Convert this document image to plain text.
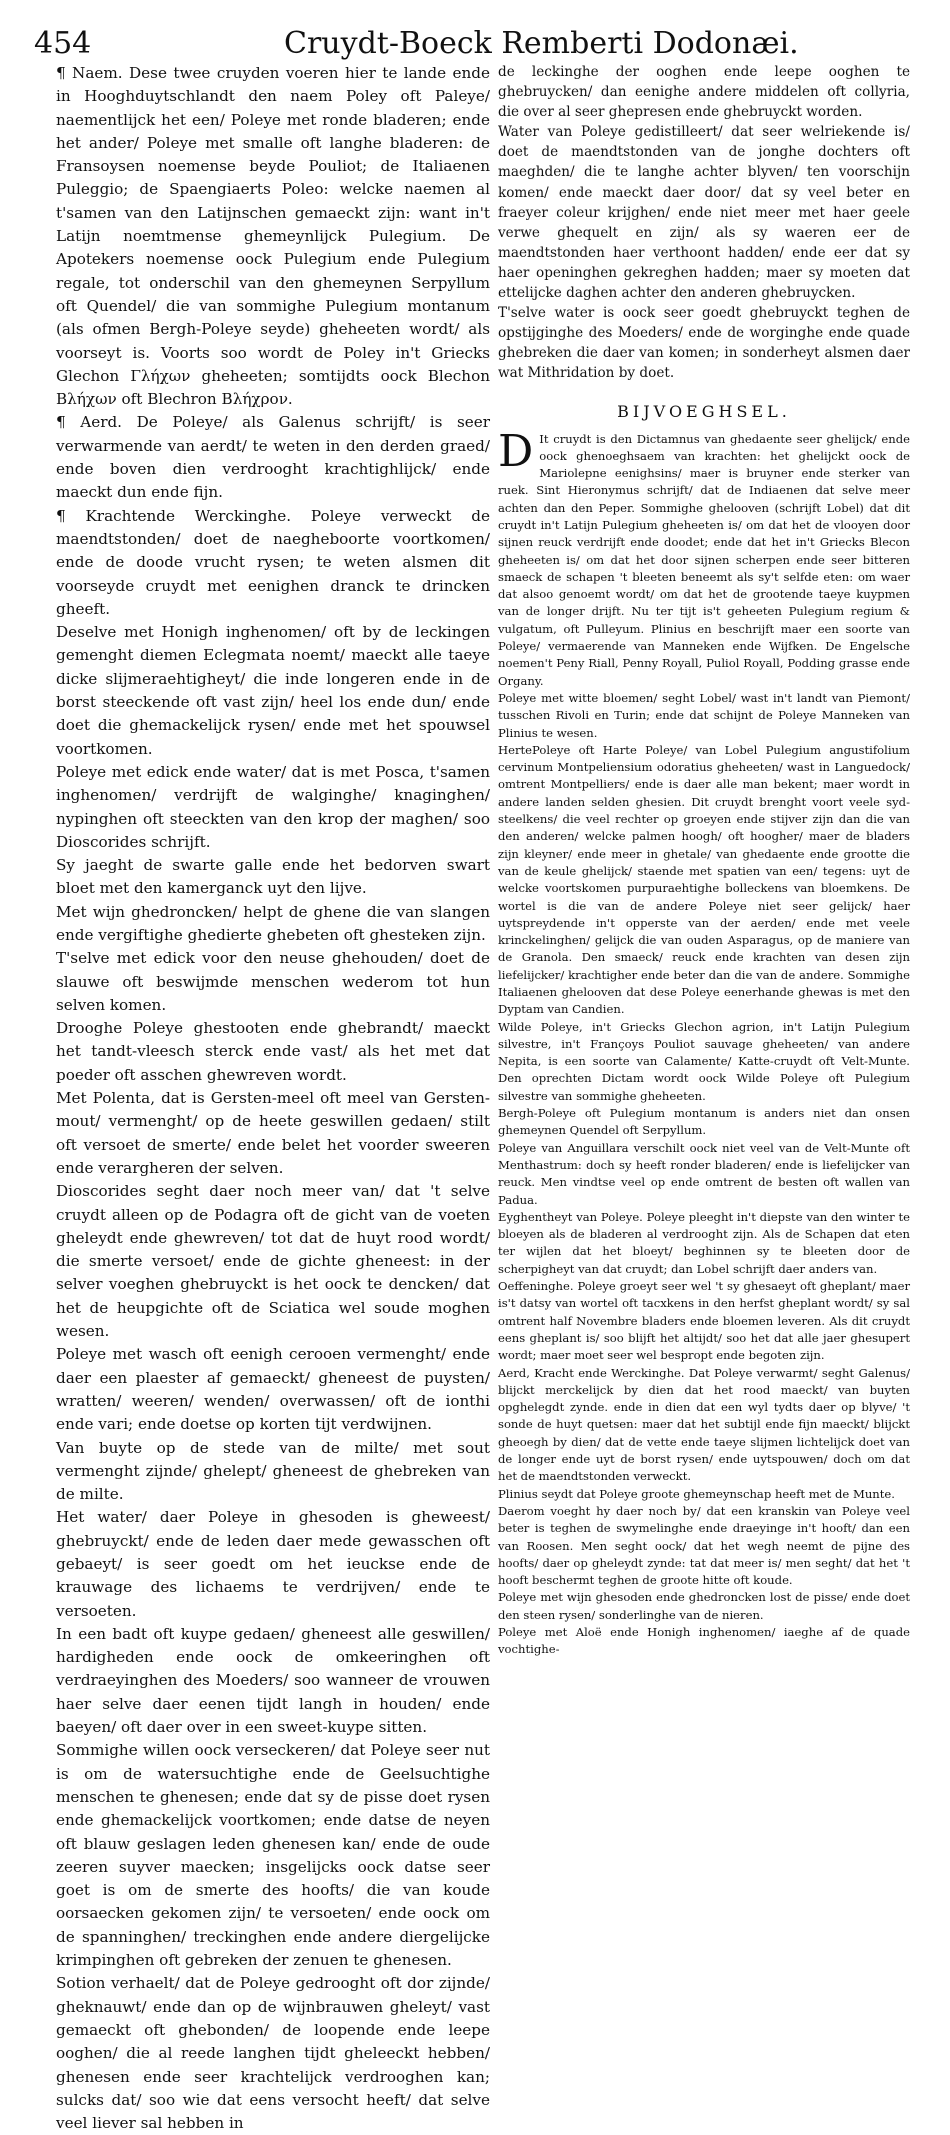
454	Cruydt-Boeck Remberti Dodonæi.

¶ Naem. Dese twee cruyden voeren hier te lande ende in Hooghduytschlandt den naem Poley oft Paleye/ naementlijck het een/ Poleye met ronde bladeren; ende het ander/ Poleye met smalle oft langhe bladeren: de Fransoysen noemense beyde Pouliot; de Italiaenen Puleggio; de Spaengiaerts Poleo: welcke naemen al t'samen van den Latijnschen gemaeckt zijn: want in't Latijn noemtmense ghemeynlijck Pulegium. De Apotekers noemense oock Pulegium ende Pulegium regale, tot onderschil van den ghemeynen Serpyllum oft Quendel/ die van sommighe Pulegium montanum (als ofmen Bergh-Poleye seyde) gheheeten wordt/ als voorseyt is. Voorts soo wordt de Poley in't Griecks Glechon Γλήχων gheheeten; somtijdts oock Blechon Βλήχων oft Blechron Βλήχρον.

¶ Aerd. De Poleye/ als Galenus schrijft/ is seer verwarmende van aerdt/ te weten in den derden graed/ ende boven dien verdrooght krachtighlijck/ ende maeckt dun ende fijn.

¶ Krachtende Werckinghe. Poleye verweckt de maendtstonden/ doet de naegheboorte voortkomen/ ende de doode vrucht rysen; te weten alsmen dit voorseyde cruydt met eenighen dranck te drincken gheeft.

Deselve met Honigh inghenomen/ oft by de leckingen gemenght diemen Eclegmata noemt/ maeckt alle taeye dicke slijmeraehtigheyt/ die inde longeren ende in de borst steeckende oft vast zijn/ heel los ende dun/ ende doet die ghemackelijck rysen/ ende met het spouwsel voortkomen.

Poleye met edick ende water/ dat is met Posca, t'samen inghenomen/ verdrijft de walginghe/ knaginghen/ nypinghen oft steeckten van den krop der maghen/ soo Dioscorides schrijft.

Sy jaeght de swarte galle ende het bedorven swart bloet met den kamerganck uyt den lijve.

Met wijn ghedroncken/ helpt de ghene die van slangen ende vergiftighe ghedierte ghebeten oft ghesteken zijn.

T'selve met edick voor den neuse ghehouden/ doet de slauwe oft beswijmde menschen wederom tot hun selven komen.

Drooghe Poleye ghestooten ende ghebrandt/ maeckt het tandt-vleesch sterck ende vast/ als het met dat poeder oft asschen ghewreven wordt.

Met Polenta, dat is Gersten-meel oft meel van Gersten-mout/ vermenght/ op de heete geswillen gedaen/ stilt oft versoet de smerte/ ende belet het voorder sweeren ende verargheren der selven.

Dioscorides seght daer noch meer van/ dat 't selve cruydt alleen op de Podagra oft de gicht van de voeten gheleydt ende ghewreven/ tot dat de huyt rood wordt/ die smerte versoet/ ende de gichte gheneest: in der selver voeghen ghebruyckt is het oock te dencken/ dat het de heupgichte oft de Sciatica wel soude moghen wesen.

Poleye met wasch oft eenigh cerooen vermenght/ ende daer een plaester af gemaeckt/ gheneest de puysten/ wratten/ weeren/ wenden/ overwassen/ oft de ionthi ende vari; ende doetse op korten tijt verdwijnen.

Van buyte op de stede van de milte/ met sout vermenght zijnde/ ghelept/ gheneest de ghebreken van de milte.

Het water/ daer Poleye in ghesoden is gheweest/ ghebruyckt/ ende de leden daer mede gewasschen oft gebaeyt/ is seer goedt om het ieuckse ende de krauwage des lichaems te verdrijven/ ende te versoeten.

In een badt oft kuype gedaen/ gheneest alle geswillen/ hardigheden ende oock de omkeeringhen oft verdraeyinghen des Moeders/ soo wanneer de vrouwen haer selve daer eenen tijdt langh in houden/ ende baeyen/ oft daer over in een sweet-kuype sitten.

Sommighe willen oock verseckeren/ dat Poleye seer nut is om de watersuchtighe ende de Geelsuchtighe menschen te ghenesen; ende dat sy de pisse doet rysen ende ghemackelijck voortkomen; ende datse de neyen oft blauw geslagen leden ghenesen kan/ ende de oude zeeren suyver maecken; insgelijcks oock datse seer goet is om de smerte des hoofts/ die van koude oorsaecken gekomen zijn/ te versoeten/ ende oock om de spanninghen/ treckinghen ende andere diergelijcke krimpinghen oft gebreken der zenuen te ghenesen.

Sotion verhaelt/ dat de Poleye gedrooght oft dor zijnde/ gheknauwt/ ende dan op de wijnbrauwen gheleyt/ vast gemaeckt oft ghebonden/ de loopende ende leepe ooghen/ die al reede langhen tijdt gheleeckt hebben/ ghenesen ende seer krachtelijck verdrooghen kan; sulcks dat/ soo wie dat eens versocht heeft/ dat selve veel liever sal hebben in

de leckinghe der ooghen ende leepe ooghen te ghebruycken/ dan eenighe andere middelen oft collyria, die over al seer ghepresen ende ghebruyckt worden.

Water van Poleye gedistilleert/ dat seer welriekende is/ doet de maendtstonden van de jonghe dochters oft maeghden/ die te langhe achter blyven/ ten voorschijn komen/ ende maeckt daer door/ dat sy veel beter en fraeyer coleur krijghen/ ende niet meer met haer geele verwe ghequelt en zijn/ als sy waeren eer de maendtstonden haer verthoont hadden/ ende eer dat sy haer openinghen gekreghen hadden; maer sy moeten dat ettelijcke daghen achter den anderen ghebruycken.

T'selve water is oock seer goedt ghebruyckt teghen de opstijginghe des Moeders/ ende de worginghe ende quade ghebreken die daer van komen; in sonderheyt alsmen daer wat Mithridation by doet.

BIJVOEGHSEL.

D It cruydt is den Dictamnus van ghedaente seer ghelijck/ ende oock ghenoeghsaem van krachten: het ghelijckt oock de Mariolepne eenighsins/ maer is bruyner ende sterker van ruek. Sint Hieronymus schrijft/ dat de Indiaenen dat selve meer achten dan den Peper. Sommighe ghelooven (schrijft Lobel) dat dit cruydt in't Latijn Pulegium gheheeten is/ om dat het de vlooyen door sijnen reuck verdrijft ende doodet; ende dat het in't Griecks Blecon gheheeten is/ om dat het door sijnen scherpen ende seer bitteren smaeck de schapen 't bleeten beneemt als sy't selfde eten: om waer dat alsoo genoemt wordt/ om dat het de grootende taeye kuypmen van de longer drijft. Nu ter tijt is't geheeten Pulegium regium & vulgatum, oft Pulleyum. Plinius en beschrijft maer een soorte van Poleye/ vermaerende van Manneken ende Wijfken. De Engelsche noemen't Peny Riall, Penny Royall, Puliol Royall, Podding grasse ende Organy.

Poleye met witte bloemen/ seght Lobel/ wast in't landt van Piemont/ tusschen Rivoli en Turin; ende dat schijnt de Poleye Manneken van Plinius te wesen.

HertePoleye oft Harte Poleye/ van Lobel Pulegium angustifolium cervinum Montpeliensium odoratius gheheeten/ wast in Languedock/ omtrent Montpelliers/ ende is daer alle man bekent; maer wordt in andere landen selden ghesien. Dit cruydt brenght voort veele syd-steelkens/ die veel rechter op groeyen ende stijver zijn dan die van den anderen/ welcke palmen hoogh/ oft hoogher/ maer de bladers zijn kleyner/ ende meer in ghetale/ van ghedaente ende grootte die van de keule ghelijck/ staende met spatien van een/ tegens: uyt de welcke voortskomen purpuraehtighe bolleckens van bloemkens. De wortel is die van de andere Poleye niet seer gelijck/ haer uytspreydende in't opperste van der aerden/ ende met veele krinckelinghen/ gelijck die van ouden Asparagus, op de maniere van de Granola. Den smaeck/ reuck ende krachten van desen zijn liefelijcker/ krachtigher ende beter dan die van de andere. Sommighe Italiaenen ghelooven dat dese Poleye eenerhande ghewas is met den Dyptam van Candien.

Wilde Poleye, in't Griecks Glechon agrion, in't Latijn Pulegium silvestre, in't Françoys Pouliot sauvage gheheeten/ van andere Nepita, is een soorte van Calamente/ Katte-cruydt oft Velt-Munte. Den oprechten Dictam wordt oock Wilde Poleye oft Pulegium silvestre van sommighe gheheeten.

Bergh-Poleye oft Pulegium montanum is anders niet dan onsen ghemeynen Quendel oft Serpyllum.

Poleye van Anguillara verschilt oock niet veel van de Velt-Munte oft Menthastrum: doch sy heeft ronder bladeren/ ende is liefelijcker van reuck. Men vindtse veel op ende omtrent de besten oft wallen van Padua.

Eyghentheyt van Poleye. Poleye pleeght in't diepste van den winter te bloeyen als de bladeren al verdrooght zijn. Als de Schapen dat eten ter wijlen dat het bloeyt/ beghinnen sy te bleeten door de scherpigheyt van dat cruydt; dan Lobel schrijft daer anders van.

Oeffeninghe. Poleye groeyt seer wel 't sy ghesaeyt oft gheplant/ maer is't datsy van wortel oft tacxkens in den herfst gheplant wordt/ sy sal omtrent half Novembre bladers ende bloemen leveren. Als dit cruydt eens gheplant is/ soo blijft het altijdt/ soo het dat alle jaer ghesupert wordt; maer moet seer wel bespropt ende begoten zijn.

Aerd, Kracht ende Werckinghe. Dat Poleye verwarmt/ seght Galenus/ blijckt merckelijck by dien dat het rood maeckt/ van buyten opghelegdt zynde. ende in dien dat een wyl tydts daer op blyve/ 't sonde de huyt quetsen: maer dat het subtijl ende fijn maeckt/ blijckt gheoegh by dien/ dat de vette ende taeye slijmen lichtelijck doet van de longer ende uyt de borst rysen/ ende uytspouwen/ doch om dat het de maendtstonden verweckt.

Plinius seydt dat Poleye groote ghemeynschap heeft met de Munte.

Daerom voeght hy daer noch by/ dat een kranskin van Poleye veel beter is teghen de swymelinghe ende draeyinge in't hooft/ dan een van Roosen. Men seght oock/ dat het wegh neemt de pijne des hoofts/ daer op gheleydt zynde: tat dat meer is/ men seght/ dat het 't hooft beschermt teghen de groote hitte oft koude.

Poleye met wijn ghesoden ende ghedroncken lost de pisse/ ende doet den steen rysen/ sonderlinghe van de nieren.

Poleye met Aloë ende Honigh inghenomen/ iaeghe af de quade vochtighe-
